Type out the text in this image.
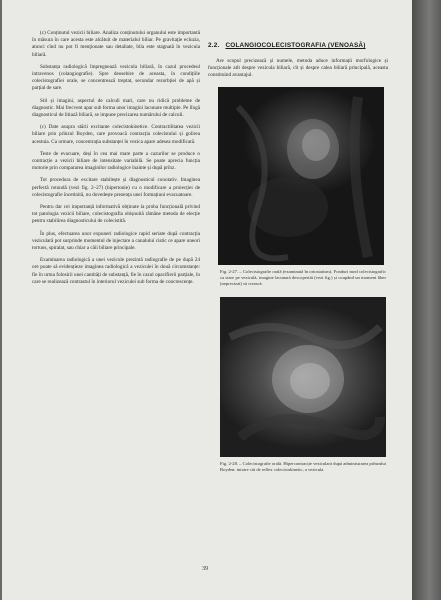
(c) Conținutul vezicii biliare. Analiza conținutului organului este importantă în măsura în care acesta este alcătuit de materialul biliar. Pe gravitaţie ecluzia, atunci cînd nu pot fi menţionate sau detaliate, bila este stagnată în vezicula biliară.

Substanța radiologică împregnează vezicula biliară, în cazul procedeul intravenos (colangiografie). Spre deosebire de aceasta, în condițiile colecistografiei orale, se concentrează treptat, secundar rezorbției de apă și parțial de sare.

Stil și imagini, aspectul de calculi mari, care nu ridică probleme de diagnostic. Mai frecvent apar sub forma unor imagini lacunare multiple. Pe lîngă diagnosticul de litiază biliară, se impune precizarea numărului de calculi.

(c) Date asupra stării excitante colecistokinetice. Contractilitatea vezicii biliare prin prînzul Boyden, care provoacă contracția colecistului și golirea acestuia. Ca urmare, concentrația substanței în vezica apare adesea modificată.

Teste de evacuare, deși în cea mai mare parte a cazurilor se produce o contracție a vezicii biliare de intensitate variabilă. Se poate aprecia funcția motorie prin compararea imaginilor radiologice înainte și după prînz.

Tot procedura de excitare stabilește și diagnosticul conotativ. Imaginea perfectă rotundă (vezi fig. 2–27) (hipertonie) cu o modificare a proiecției de colecistografie încetinită, nu dovedește prezența unei formațiuni evacuatoare.

Pentru dar cei importanță informativă obținute la proba funcțională privind tot patologia vezicii biliare, colecistografia obișnuită rămâne metoda de elecție pentru stabilirea diagnosticului de colecistită.

În plus, efectuarea unor expuneri radiologice rapid seriate după contracția veziculară pot surprinde momentul de injectare a canalului cistic ce apare uneori tortuos, spiralat, sau chiar a căii biliare principale.

Examinarea radiologică a unei vezicule prezintă radiografie de pe după 24 ore poate să evidențieze imaginea radiologică a veziculei în două circumstanțe: fie în urma folosirii unei cantități de substanță, fie în cazul opacifierii parțiale, în care se realizează contrastul în interiorul veziculei sub forma de concrescențe.

2.2. COLANGIOCOLECISTOGRAFIA (VENOASĂ)

Are scopul precizează și numele, metoda aduce informații morfologice și funcționale atît despre vezicula biliară, cît și despre calea biliară principală, aceasta constituind avantajul.

Fig. 2-27. – Colecistografie orală (examinată în ortostatism). Fonduri mod colecistografic ca stare pe veziculă, imagine lacunară descoperită (vezi fig.) și ocupând un moment liber (neprecizat) să crească.

Fig. 2-28. – Colecistografie orală. Hipercontracție veziculară după administrarea prînzului Boyden: intrare căi de reflex colecistokinetic, a vezicula.

39
